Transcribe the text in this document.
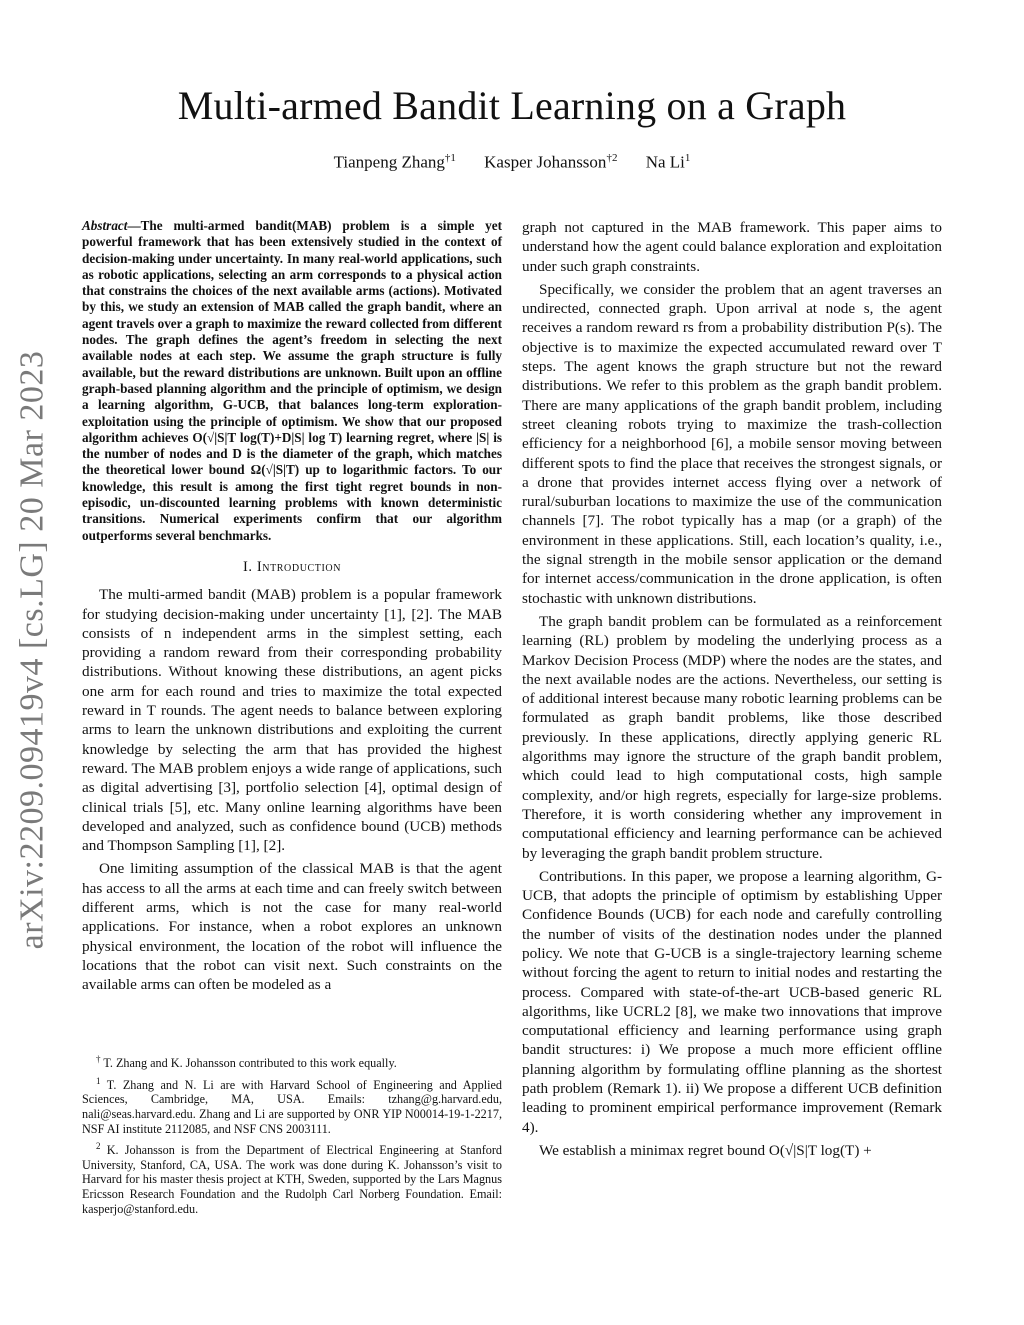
arXiv:2209.09419v4 [cs.LG] 20 Mar 2023
Multi-armed Bandit Learning on a Graph
Tianpeng Zhang$^{\dagger 1}$ Kasper Johansson$^{\dagger 2}$ Na Li$^1$

Abstract—The multi-armed bandit(MAB) problem is a simple yet powerful framework that has been extensively studied in the context of decision-making under uncertainty. In many real-world applications, such as robotic applications, selecting an arm corresponds to a physical action that constrains the choices of the next available arms (actions). Motivated by this, we study an extension of MAB called the graph bandit, where an agent travels over a graph to maximize the reward collected from different nodes. The graph defines the agent’s freedom in selecting the next available nodes at each step. We assume the graph structure is fully available, but the reward distributions are unknown. Built upon an offline graph-based planning algorithm and the principle of optimism, we design a learning algorithm, G-UCB, that balances long-term exploration-exploitation using the principle of optimism. We show that our proposed algorithm achieves O(√|S|T log(T)+D|S| log T) learning regret, where |S| is the number of nodes and D is the diameter of the graph, which matches the theoretical lower bound Ω(√|S|T) up to logarithmic factors. To our knowledge, this result is among the first tight regret bounds in non-episodic, un-discounted learning problems with known deterministic transitions. Numerical experiments confirm that our algorithm outperforms several benchmarks.

I. Introduction

The multi-armed bandit (MAB) problem is a popular framework for studying decision-making under uncertainty [1], [2]. The MAB consists of n independent arms in the simplest setting, each providing a random reward from their corresponding probability distributions. Without knowing these distributions, an agent picks one arm for each round and tries to maximize the total expected reward in T rounds. The agent needs to balance between exploring arms to learn the unknown distributions and exploiting the current knowledge by selecting the arm that has provided the highest reward. The MAB problem enjoys a wide range of applications, such as digital advertising [3], portfolio selection [4], optimal design of clinical trials [5], etc. Many online learning algorithms have been developed and analyzed, such as confidence bound (UCB) methods and Thompson Sampling [1], [2].

One limiting assumption of the classical MAB is that the agent has access to all the arms at each time and can freely switch between different arms, which is not the case for many real-world applications. For instance, when a robot explores an unknown physical environment, the location of the robot will influence the locations that the robot can visit next. Such constraints on the available arms can often be modeled as a

† T. Zhang and K. Johansson contributed to this work equally.

$^1$ T. Zhang and N. Li are with Harvard School of Engineering and Applied Sciences, Cambridge, MA, USA. Emails: tzhang@g.harvard.edu, nali@seas.harvard.edu. Zhang and Li are supported by ONR YIP N00014-19-1-2217, NSF AI institute 2112085, and NSF CNS 2003111.

$^2$ K. Johansson is from the Department of Electrical Engineering at Stanford University, Stanford, CA, USA. The work was done during K. Johansson’s visit to Harvard for his master thesis project at KTH, Sweden, supported by the Lars Magnus Ericsson Research Foundation and the Rudolph Carl Norberg Foundation. Email: kasperjo@stanford.edu.

graph not captured in the MAB framework. This paper aims to understand how the agent could balance exploration and exploitation under such graph constraints.

Specifically, we consider the problem that an agent traverses an undirected, connected graph. Upon arrival at node s, the agent receives a random reward rs from a probability distribution P(s). The objective is to maximize the expected accumulated reward over T steps. The agent knows the graph structure but not the reward distributions. We refer to this problem as the graph bandit problem. There are many applications of the graph bandit problem, including street cleaning robots trying to maximize the trash-collection efficiency for a neighborhood [6], a mobile sensor moving between different spots to find the place that receives the strongest signals, or a drone that provides internet access flying over a network of rural/suburban locations to maximize the use of the communication channels [7]. The robot typically has a map (or a graph) of the environment in these applications. Still, each location’s quality, i.e., the signal strength in the mobile sensor application or the demand for internet access/communication in the drone application, is often stochastic with unknown distributions.

The graph bandit problem can be formulated as a reinforcement learning (RL) problem by modeling the underlying process as a Markov Decision Process (MDP) where the nodes are the states, and the next available nodes are the actions. Nevertheless, our setting is of additional interest because many robotic learning problems can be formulated as graph bandit problems, like those described previously. In these applications, directly applying generic RL algorithms may ignore the structure of the graph bandit problem, which could lead to high computational costs, high sample complexity, and/or high regrets, especially for large-size problems. Therefore, it is worth considering whether any improvement in computational efficiency and learning performance can be achieved by leveraging the graph bandit problem structure.

Contributions. In this paper, we propose a learning algorithm, G-UCB, that adopts the principle of optimism by establishing Upper Confidence Bounds (UCB) for each node and carefully controlling the number of visits of the destination nodes under the planned policy. We note that G-UCB is a single-trajectory learning scheme without forcing the agent to return to initial nodes and restarting the process. Compared with state-of-the-art UCB-based generic RL algorithms, like UCRL2 [8], we make two innovations that improve computational efficiency and learning performance using graph bandit structures: i) We propose a much more efficient offline planning algorithm by formulating offline planning as the shortest path problem (Remark 1). ii) We propose a different UCB definition leading to prominent empirical performance improvement (Remark 4).

We establish a minimax regret bound O(√|S|T log(T) +
